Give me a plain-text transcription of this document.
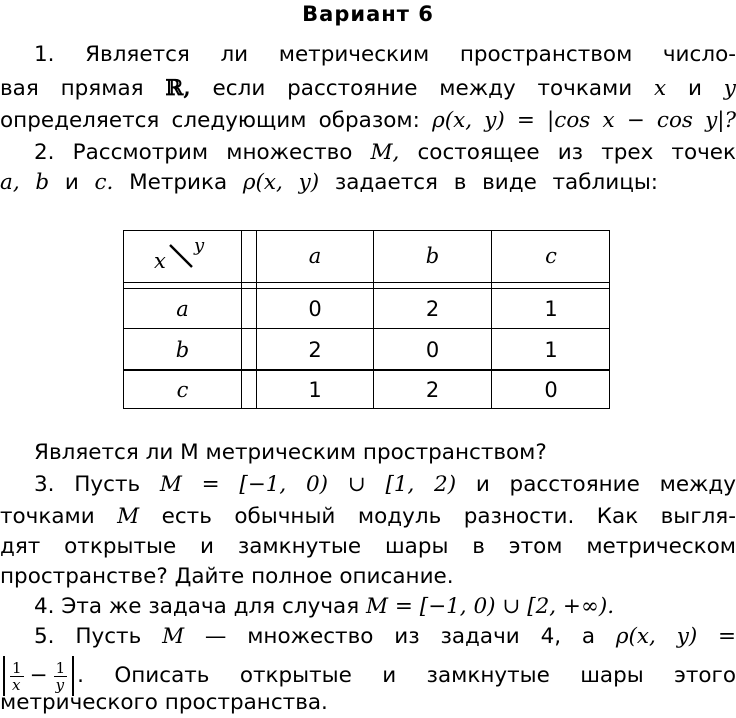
Вариант 6
1. Является ли метрическим пространством число-
вая прямая ℝ, если расстояние между точками x и y
определяется следующим образом: ρ(x, y) = |cos x − cos y|?
2. Рассмотрим множество M, состоящее из трех точек
a, b и c. Метрика ρ(x, y) задается в виде таблицы:
x
y	a	b	c
a	0	2	1
b	2	0	1
c	1	2	0
Является ли M метрическим пространством?
3. Пусть M = [−1, 0) ∪ [1, 2) и расстояние между
точками M есть обычный модуль разности. Как выгля-
дят открытые и замкнутые шары в этом метрическом
пространстве? Дайте полное описание.
4. Эта же задача для случая M = [−1, 0) ∪ [2, +∞).
5. Пусть M — множество из задачи 4, а ρ(x, y) =
$\frac{1}{x} - \frac{1}{y}$ . Описать открытые и замкнутые шары этого
метрического пространства.
